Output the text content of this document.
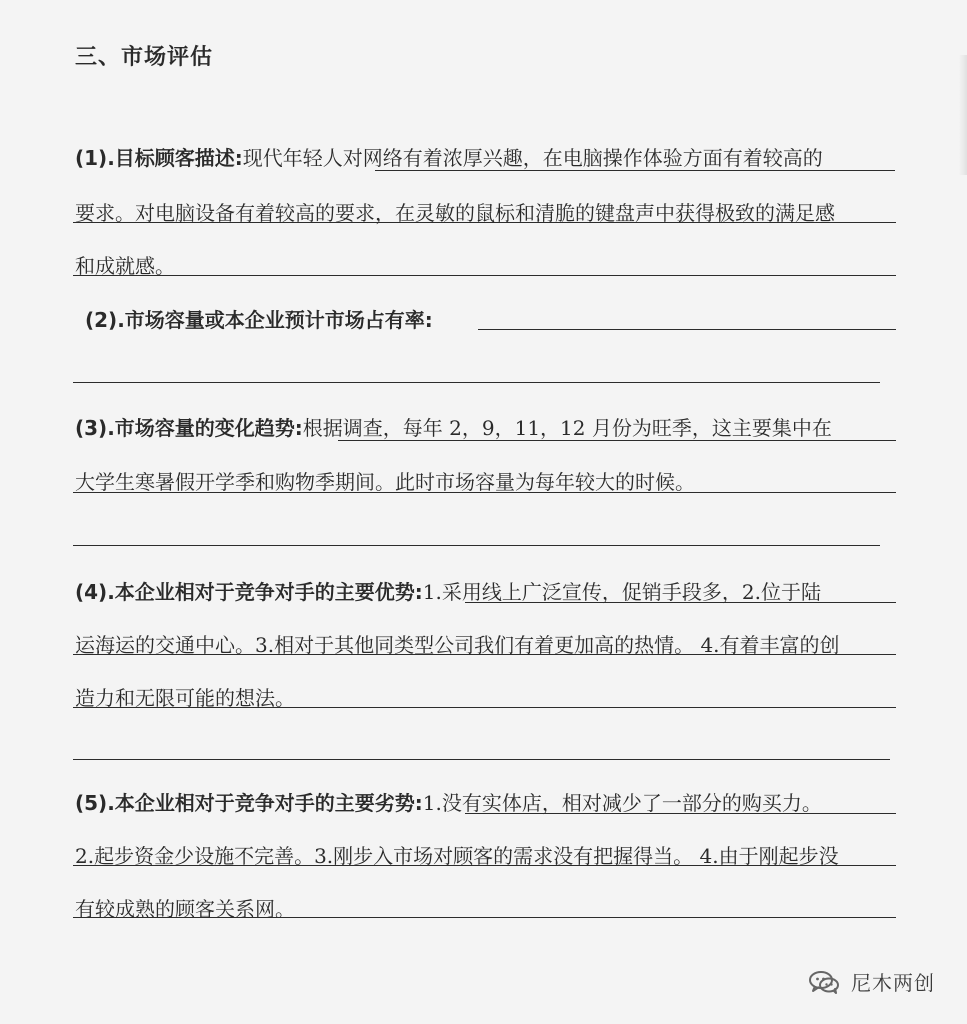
三、市场评估
(1).目标顾客描述:现代年轻人对网络有着浓厚兴趣，在电脑操作体验方面有着较高的
要求。对电脑设备有着较高的要求，在灵敏的鼠标和清脆的键盘声中获得极致的满足感
和成就感。
(2).市场容量或本企业预计市场占有率:
(3).市场容量的变化趋势:根据调查，每年 2，9，11，12 月份为旺季，这主要集中在
大学生寒暑假开学季和购物季期间。此时市场容量为每年较大的时候。
(4).本企业相对于竞争对手的主要优势:1.采用线上广泛宣传，促销手段多，2.位于陆
运海运的交通中心。3.相对于其他同类型公司我们有着更加高的热情。 4.有着丰富的创
造力和无限可能的想法。
(5).本企业相对于竞争对手的主要劣势:1.没有实体店，相对减少了一部分的购买力。
2.起步资金少设施不完善。3.刚步入市场对顾客的需求没有把握得当。 4.由于刚起步没
有较成熟的顾客关系网。
尼木两创
